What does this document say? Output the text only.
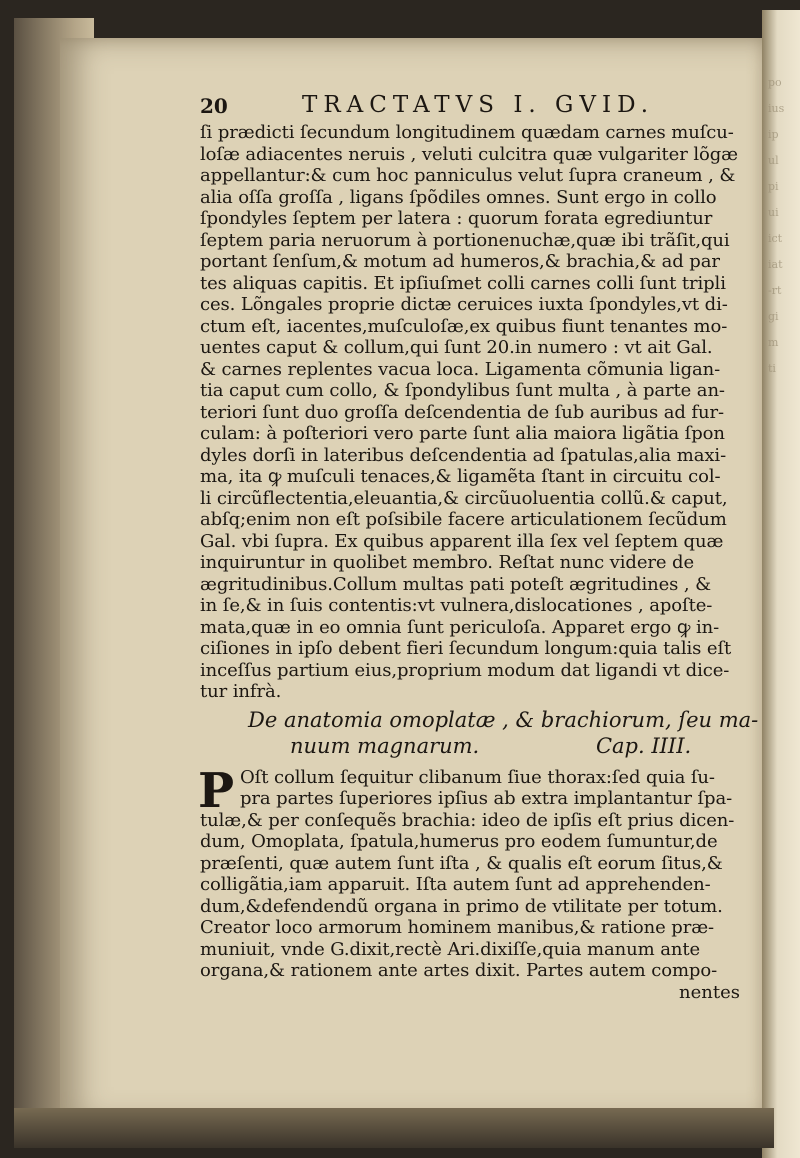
po
ius
ip
ul
pi
ui
ict
iat
-rt
gi
m
ti
20	TRACTATVS I. GVID.
ſi prædicti ſecundum longitudinem quædam carnes muſcu-
loſæ adiacentes neruis , veluti culcitra quæ vulgariter lõgæ
appellantur:& cum hoc panniculus velut ſupra craneum , &
alia oſſa groſſa , ligans ſpõdiles omnes. Sunt ergo in collo
ſpondyles ſeptem per latera : quorum forata egrediuntur
ſeptem paria neruorum à portionenuchæ,quæ ibi trãſit,qui
portant ſenſum,& motum ad humeros,& brachia,& ad par
tes aliquas capitis. Et ipſiuſmet colli carnes colli ſunt tripli
ces. Lõngales proprie dictæ ceruices iuxta ſpondyles,vt di-
ctum eſt, iacentes,muſculoſæ,ex quibus fiunt tenantes mo-
uentes caput & collum,qui ſunt 20.in numero : vt ait Gal.
& carnes replentes vacua loca. Ligamenta cõmunia ligan-
tia caput cum collo, & ſpondylibus ſunt multa , à parte an-
teriori ſunt duo groſſa deſcendentia de ſub auribus ad fur-
culam: à poſteriori vero parte ſunt alia maiora ligãtia ſpon
dyles dorſi in lateribus deſcendentia ad ſpatulas,alia maxi-
ma, ita ꝙ muſculi tenaces,& ligamẽta ſtant in circuitu col-
li circũflectentia,eleuantia,& circũuoluentia collũ.& caput,
abſq;enim non eſt poſsibile facere articulationem ſecũdum
Gal. vbi ſupra. Ex quibus apparent illa ſex vel ſeptem quæ
inquiruntur in quolibet membro. Reſtat nunc videre de
ægritudinibus.Collum multas pati poteſt ægritudines , &
in ſe,& in ſuis contentis:vt vulnera,dislocationes , apoſte-
mata,quæ in eo omnia ſunt periculoſa. Apparet ergo ꝙ in-
ciſiones in ipſo debent fieri ſecundum longum:quia talis eſt
inceſſus partium eius,proprium modum dat ligandi vt dice-
tur infrà.
De anatomia omoplatæ , & brachiorum, ſeu ma-
nuum magnarum.	Cap. IIII.
P Oſt collum ſequitur clibanum ſiue thorax:ſed quia ſu-
pra partes ſuperiores ipſius ab extra implantantur ſpa-
tulæ,& per conſequẽs brachia: ideo de ipſis eſt prius dicen-
dum, Omoplata, ſpatula,humerus pro eodem ſumuntur,de
præſenti, quæ autem ſunt iſta , & qualis eſt eorum ſitus,&
colligãtia,iam apparuit. Iſta autem ſunt ad apprehenden-
dum,&defendendũ organa in primo de vtilitate per totum.
Creator loco armorum hominem manibus,& ratione præ-
muniuit, vnde G.dixit,rectè Ari.dixiſſe,quia manum ante
organa,& rationem ante artes dixit. Partes autem compo-
nentes
